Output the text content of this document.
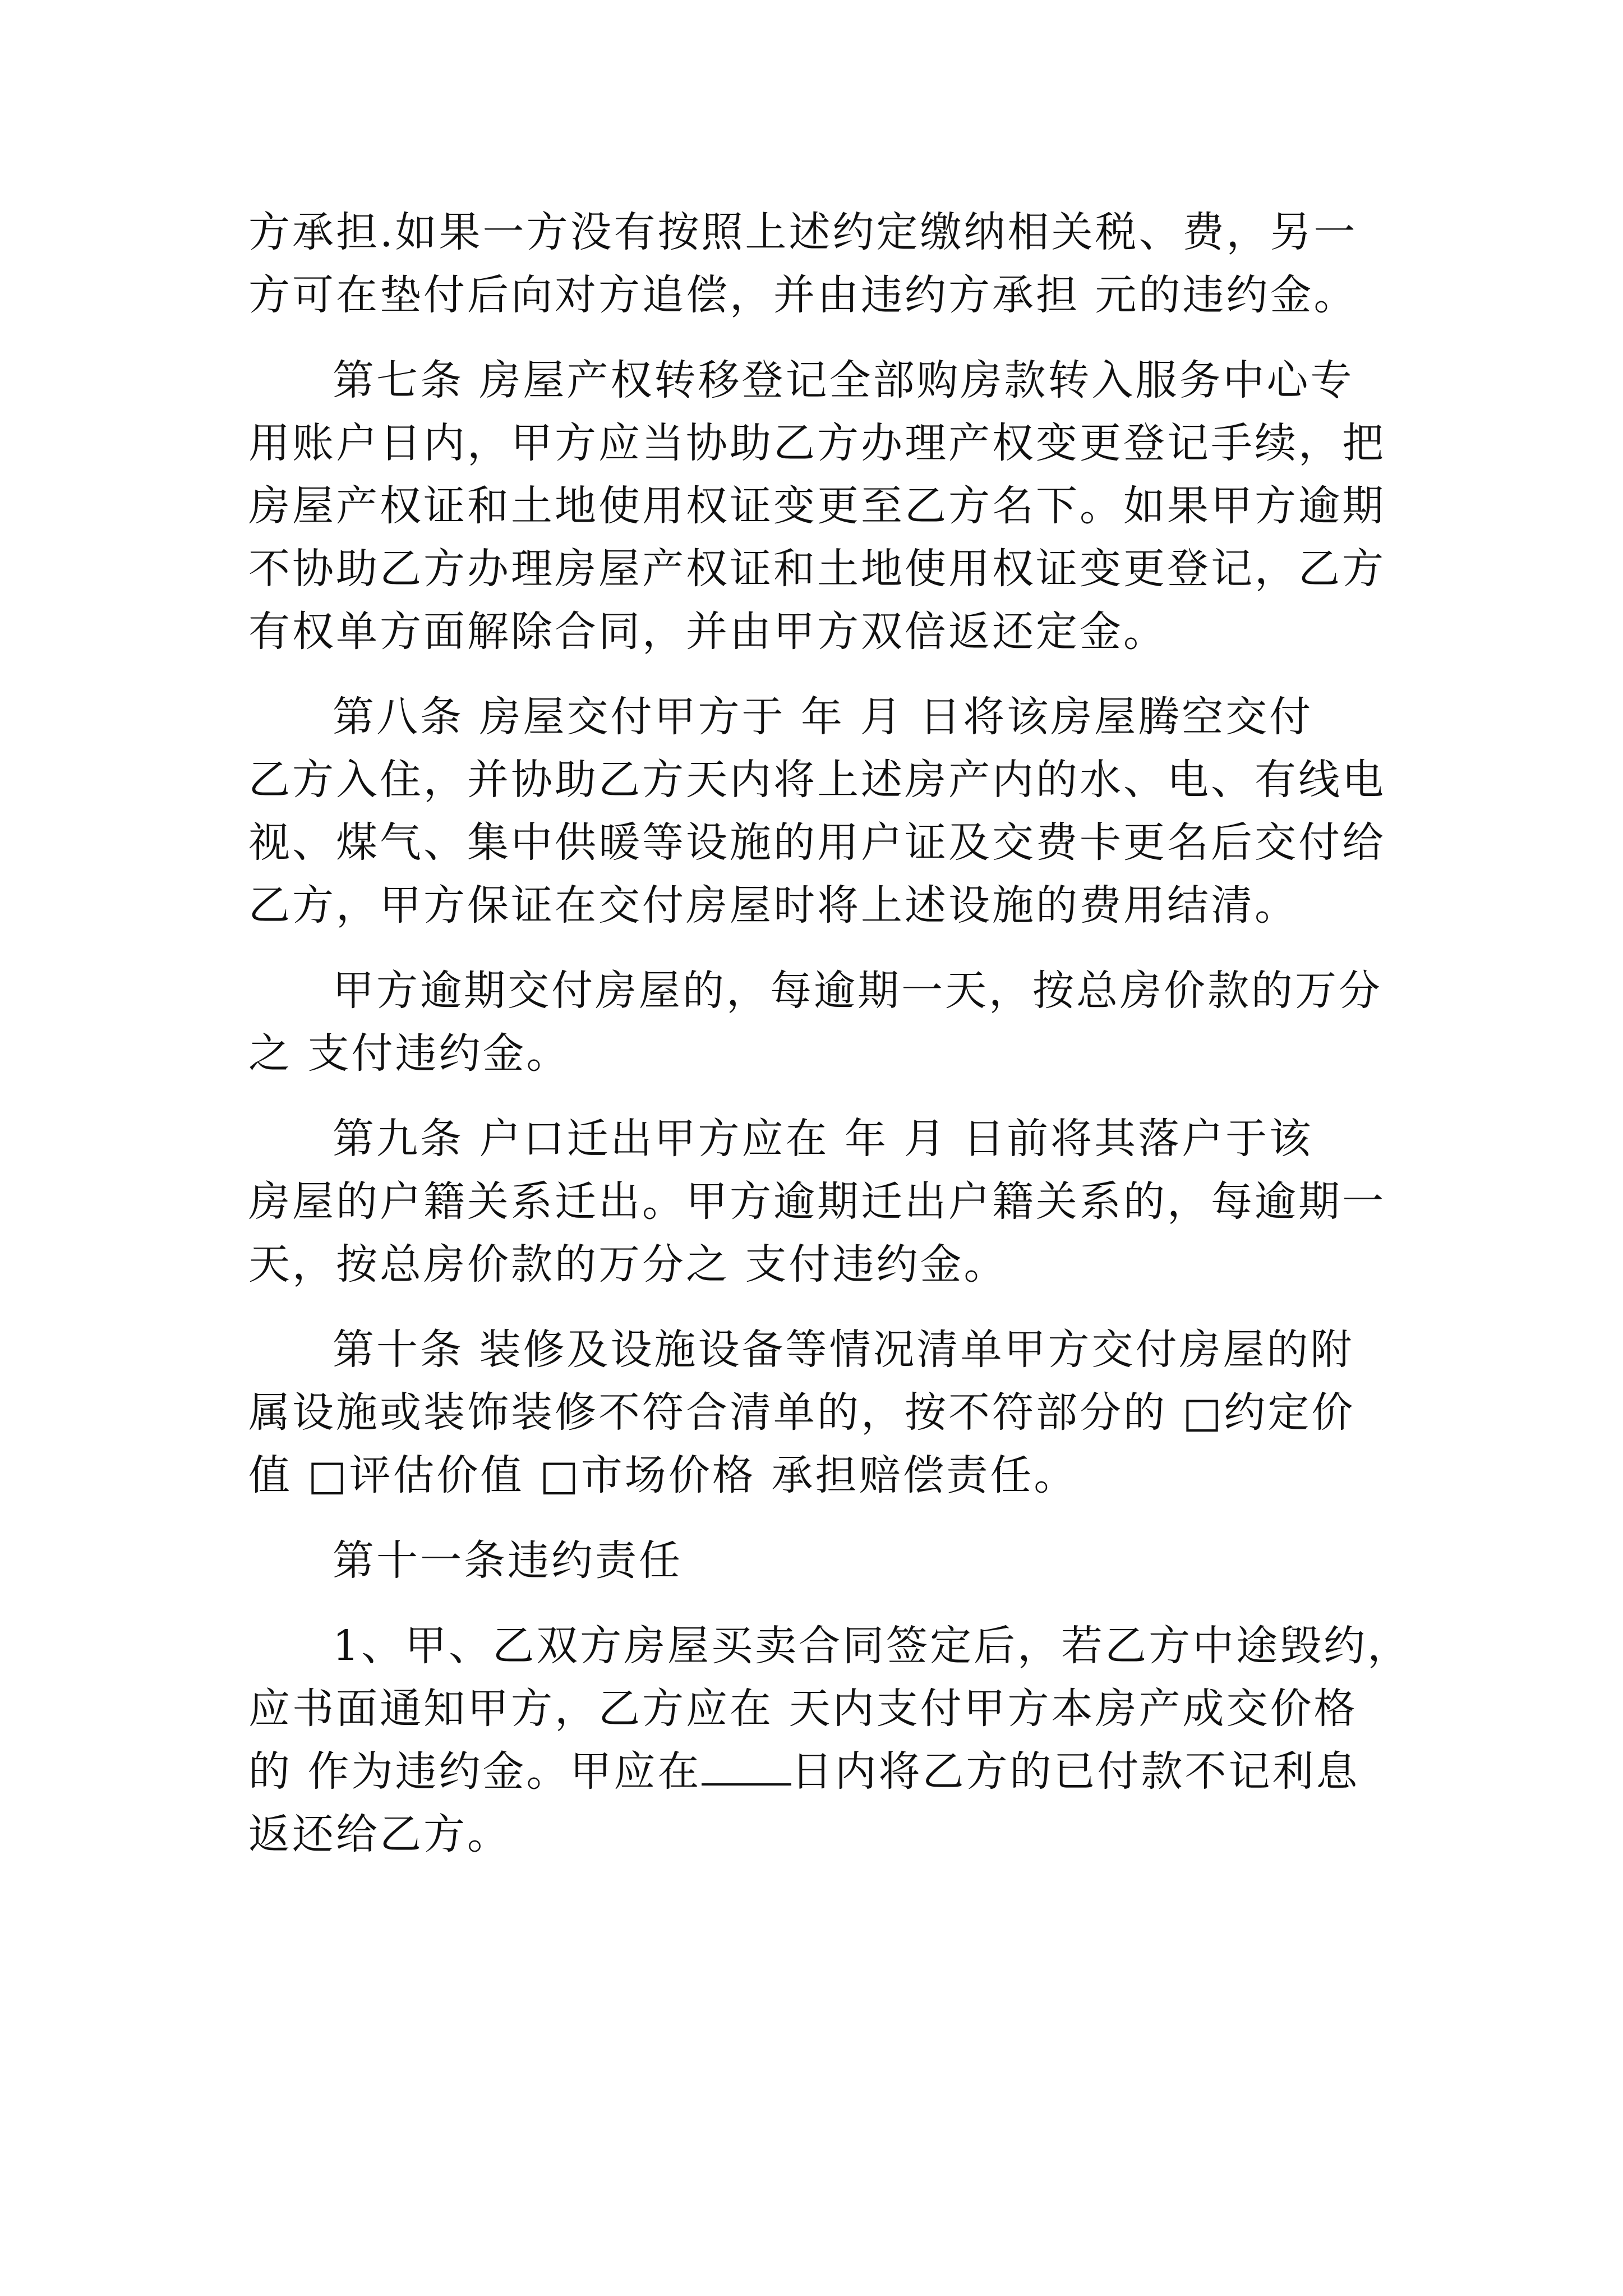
方承担.如果一方没有按照上述约定缴纳相关税、费，另一
方可在垫付后向对方追偿，并由违约方承担 元的违约金。
第七条 房屋产权转移登记全部购房款转入服务中心专
用账户日内，甲方应当协助乙方办理产权变更登记手续，把
房屋产权证和土地使用权证变更至乙方名下。如果甲方逾期
不协助乙方办理房屋产权证和土地使用权证变更登记，乙方
有权单方面解除合同，并由甲方双倍返还定金。
第八条 房屋交付甲方于 年 月 日将该房屋腾空交付
乙方入住，并协助乙方天内将上述房产内的水、电、有线电
视、煤气、集中供暖等设施的用户证及交费卡更名后交付给
乙方，甲方保证在交付房屋时将上述设施的费用结清。
甲方逾期交付房屋的，每逾期一天，按总房价款的万分
之 支付违约金。
第九条 户口迁出甲方应在 年 月 日前将其落户于该
房屋的户籍关系迁出。甲方逾期迁出户籍关系的，每逾期一
天，按总房价款的万分之 支付违约金。
第十条 装修及设施设备等情况清单甲方交付房屋的附
属设施或装饰装修不符合清单的，按不符部分的 □约定价
值 □评估价值 □市场价格 承担赔偿责任。
第十一条违约责任
1、甲、乙双方房屋买卖合同签定后，若乙方中途毁约，
应书面通知甲方，乙方应在 天内支付甲方本房产成交价格
的 作为违约金。甲应在 日内将乙方的已付款不记利息
返还给乙方。
